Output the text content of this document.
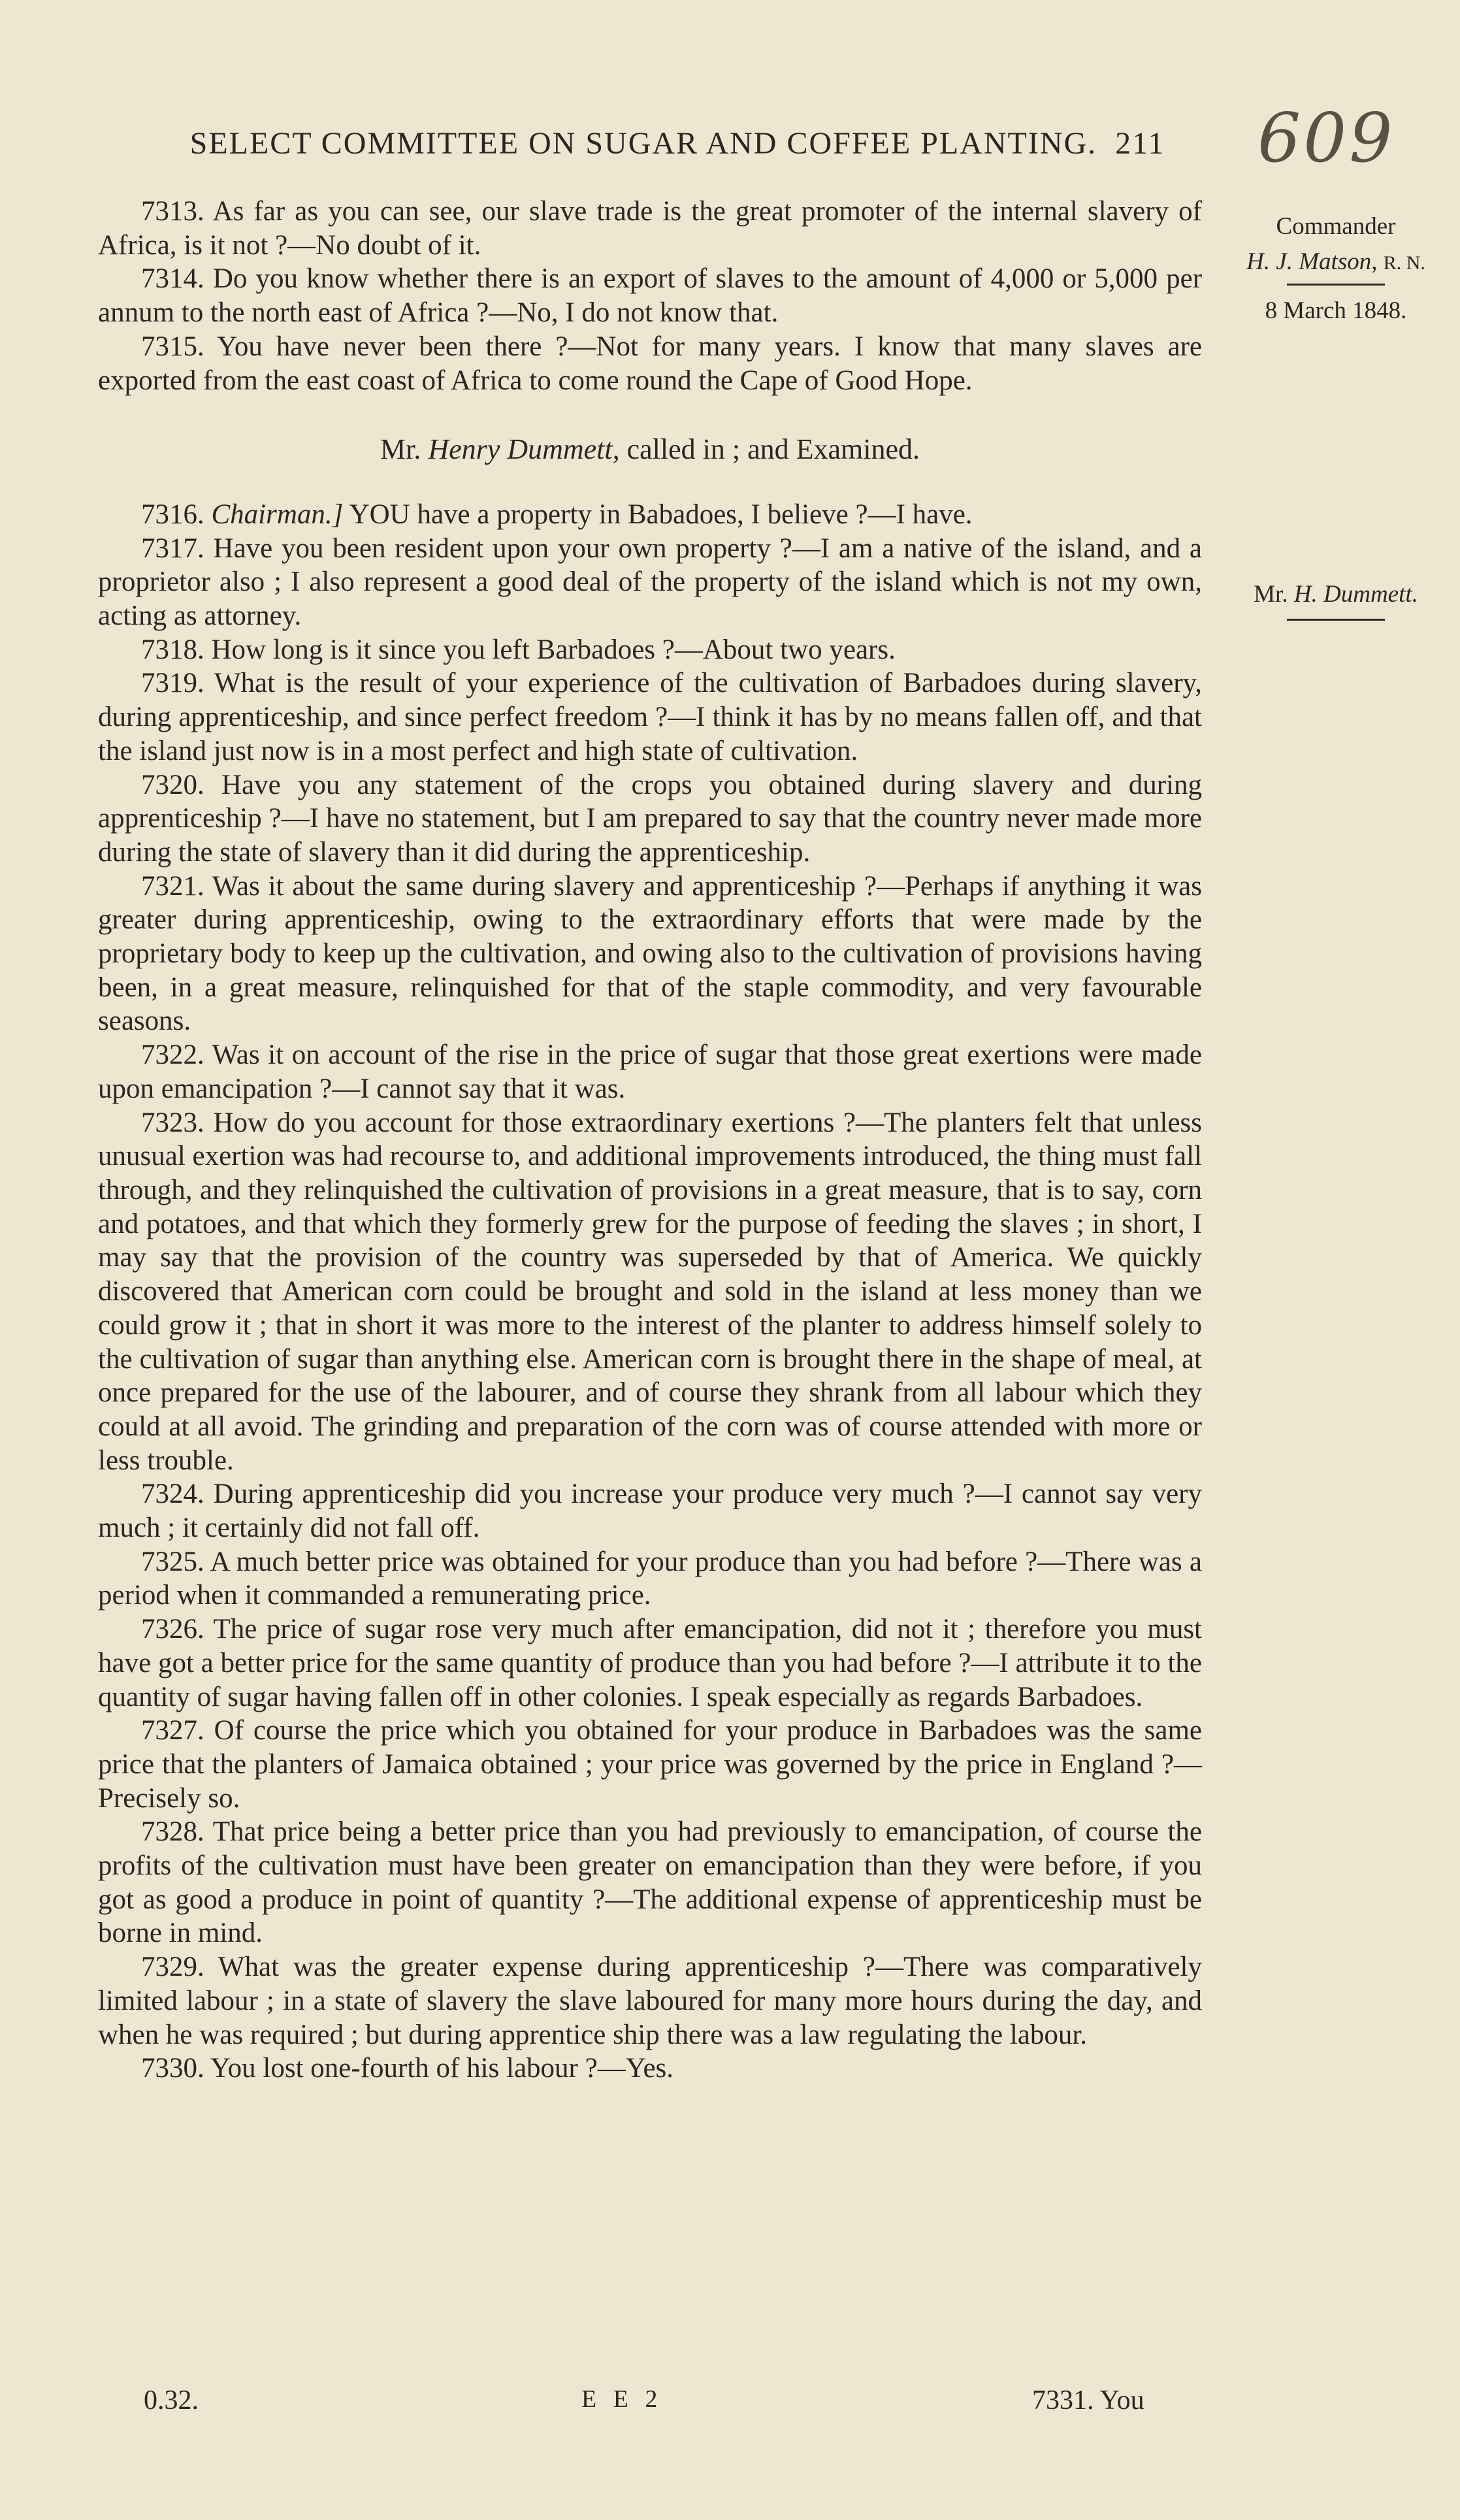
SELECT COMMITTEE ON SUGAR AND COFFEE PLANTING. 211	609
Commander
H. J. Matson, R. N.
8 March 1848.
Mr. H. Dummett.

7313. As far as you can see, our slave trade is the great promoter of the internal slavery of Africa, is it not ?—No doubt of it.

7314. Do you know whether there is an export of slaves to the amount of 4,000 or 5,000 per annum to the north east of Africa ?—No, I do not know that.

7315. You have never been there ?—Not for many years. I know that many slaves are exported from the east coast of Africa to come round the Cape of Good Hope.

Mr. Henry Dummett, called in ; and Examined.

7316. Chairman.] YOU have a property in Babadoes, I believe ?—I have.

7317. Have you been resident upon your own property ?—I am a native of the island, and a proprietor also ; I also represent a good deal of the property of the island which is not my own, acting as attorney.

7318. How long is it since you left Barbadoes ?—About two years.

7319. What is the result of your experience of the cultivation of Barbadoes during slavery, during apprenticeship, and since perfect freedom ?—I think it has by no means fallen off, and that the island just now is in a most perfect and high state of cultivation.

7320. Have you any statement of the crops you obtained during slavery and during apprenticeship ?—I have no statement, but I am prepared to say that the country never made more during the state of slavery than it did during the apprenticeship.

7321. Was it about the same during slavery and apprenticeship ?—Perhaps if anything it was greater during apprenticeship, owing to the extraordinary efforts that were made by the proprietary body to keep up the cultivation, and owing also to the cultivation of provisions having been, in a great measure, relinquished for that of the staple commodity, and very favourable seasons.

7322. Was it on account of the rise in the price of sugar that those great exertions were made upon emancipation ?—I cannot say that it was.

7323. How do you account for those extraordinary exertions ?—The planters felt that unless unusual exertion was had recourse to, and additional improvements introduced, the thing must fall through, and they relinquished the cultivation of provisions in a great measure, that is to say, corn and potatoes, and that which they formerly grew for the purpose of feeding the slaves ; in short, I may say that the provision of the country was superseded by that of America. We quickly discovered that American corn could be brought and sold in the island at less money than we could grow it ; that in short it was more to the interest of the planter to address himself solely to the cultivation of sugar than anything else. American corn is brought there in the shape of meal, at once prepared for the use of the labourer, and of course they shrank from all labour which they could at all avoid. The grinding and preparation of the corn was of course attended with more or less trouble.

7324. During apprenticeship did you increase your produce very much ?—I cannot say very much ; it certainly did not fall off.

7325. A much better price was obtained for your produce than you had before ?—There was a period when it commanded a remunerating price.

7326. The price of sugar rose very much after emancipation, did not it ; therefore you must have got a better price for the same quantity of produce than you had before ?—I attribute it to the quantity of sugar having fallen off in other colonies. I speak especially as regards Barbadoes.

7327. Of course the price which you obtained for your produce in Barbadoes was the same price that the planters of Jamaica obtained ; your price was governed by the price in England ?—Precisely so.

7328. That price being a better price than you had previously to emancipation, of course the profits of the cultivation must have been greater on emancipation than they were before, if you got as good a produce in point of quantity ?—The additional expense of apprenticeship must be borne in mind.

7329. What was the greater expense during apprenticeship ?—There was comparatively limited labour ; in a state of slavery the slave laboured for many more hours during the day, and when he was required ; but during apprentice ship there was a law regulating the labour.

7330. You lost one-fourth of his labour ?—Yes.

0.32.	E E 2	7331. You
